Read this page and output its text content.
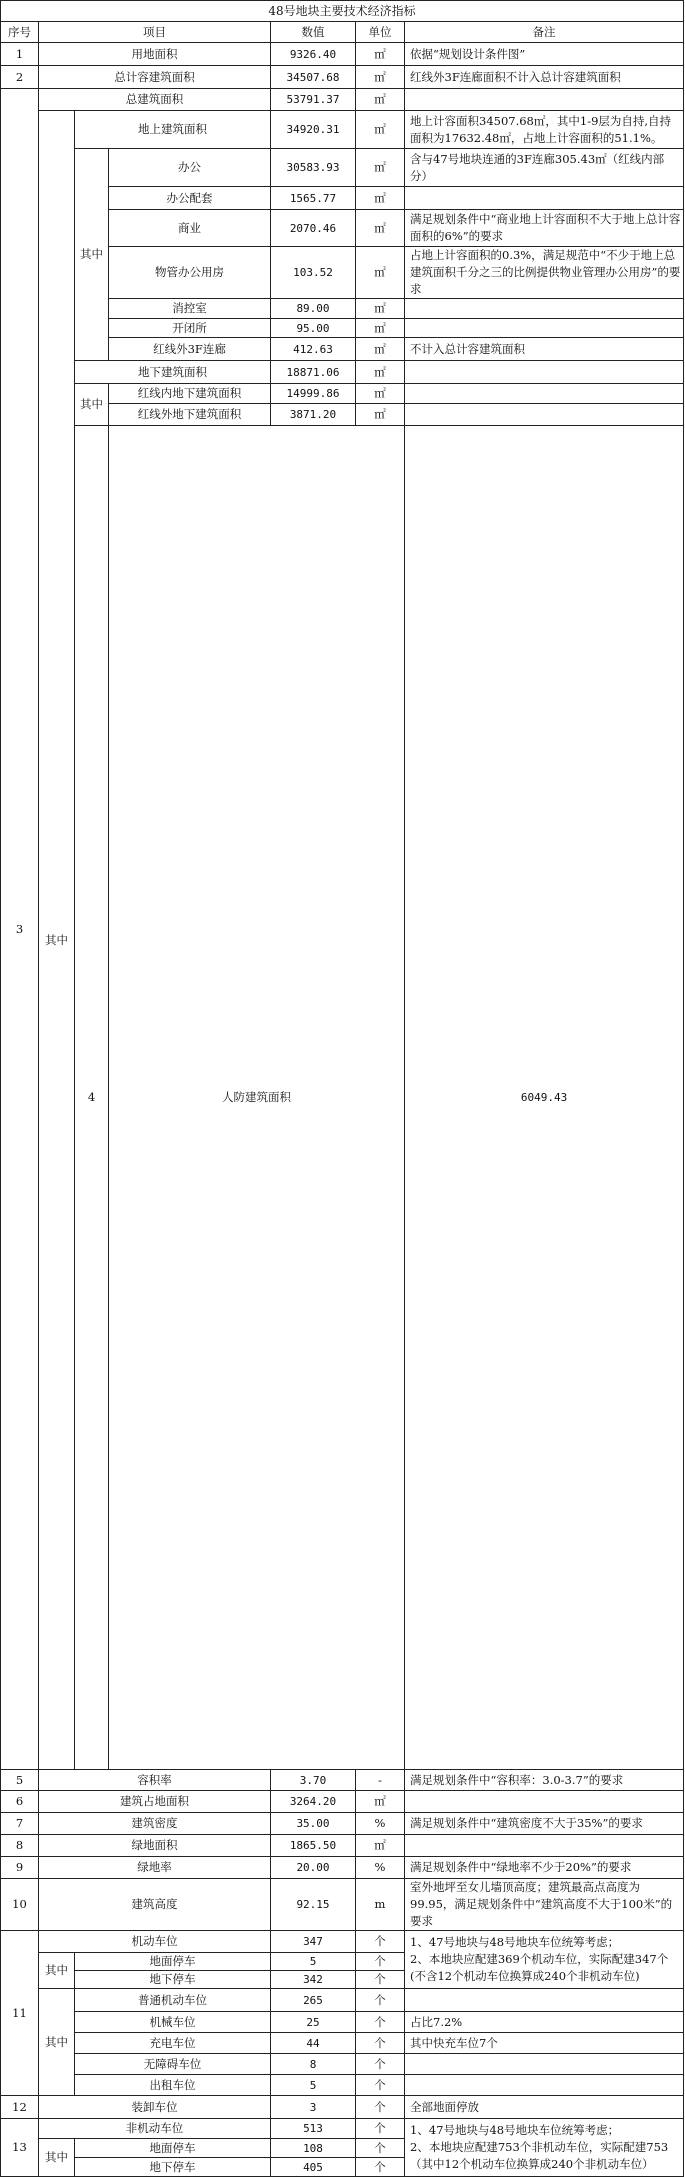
48号地块主要技术经济指标							
序号	项目			数值	单位	备注	
1	用地面积			9326.40	㎡	依据“规划设计条件图”	
2	总计容建筑面积			34507.68	㎡	红线外3F连廊面积不计入总计容建筑面积	
3	总建筑面积			53791.37	㎡		
	其中	地上建筑面积		34920.31	㎡	地上计容面积34507.68㎡，其中1-9层为自持,自持面积为17632.48㎡，占地上计容面积的51.1%。	
		其中	办公	30583.93	㎡	含与47号地块连通的3F连廊305.43㎡（红线内部分）	
			办公配套	1565.77	㎡		
			商业	2070.46	㎡	满足规划条件中“商业地上计容面积不大于地上总计容面积的6%”的要求	
			物管办公用房	103.52	㎡	占地上计容面积的0.3%，满足规范中“不少于地上总建筑面积千分之三的比例提供物业管理办公用房”的要求	
			消控室	89.00	㎡		
			开闭所	95.00	㎡		
			红线外3F连廊	412.63	㎡	不计入总计容建筑面积	
		地下建筑面积		18871.06	㎡		
		其中	红线内地下建筑面积	14999.86	㎡		
			红线外地下建筑面积	3871.20	㎡		
		4	人防建筑面积			6049.43		

5	容积率			3.70	-	满足规划条件中“容积率：3.0-3.7”的要求	
6	建筑占地面积			3264.20	㎡		
7	建筑密度			35.00	%	满足规划条件中“建筑密度不大于35%”的要求	
8	绿地面积			1865.50	㎡		
9	绿地率			20.00	%	满足规划条件中“绿地率不少于20%”的要求	
10	建筑高度			92.15	m	室外地坪至女儿墙顶高度；建筑最高点高度为99.95，满足规划条件中“建筑高度不大于100米”的要求	
11	机动车位			347	个	1、47号地块与48号地块车位统筹考虑；
2、本地块应配建369个机动车位，实际配建347个(不含12个机动车位换算成240个非机动车位)	

	其中	地面停车		5	个		
		地下停车		342	个		
	其中	普通机动车位		265	个		
		机械车位		25	个	占比7.2%	
		充电车位		44	个	其中快充车位7个	
		无障碍车位		8	个		
		出租车位		5	个		
12	装卸车位			3	个	全部地面停放	
13	非机动车位			513	个	1、47号地块与48号地块车位统筹考虑；
2、本地块应配建753个非机动车位，实际配建753（其中12个机动车位换算成240个非机动车位）	

	其中	地面停车		108	个		
		地下停车		405	个		
